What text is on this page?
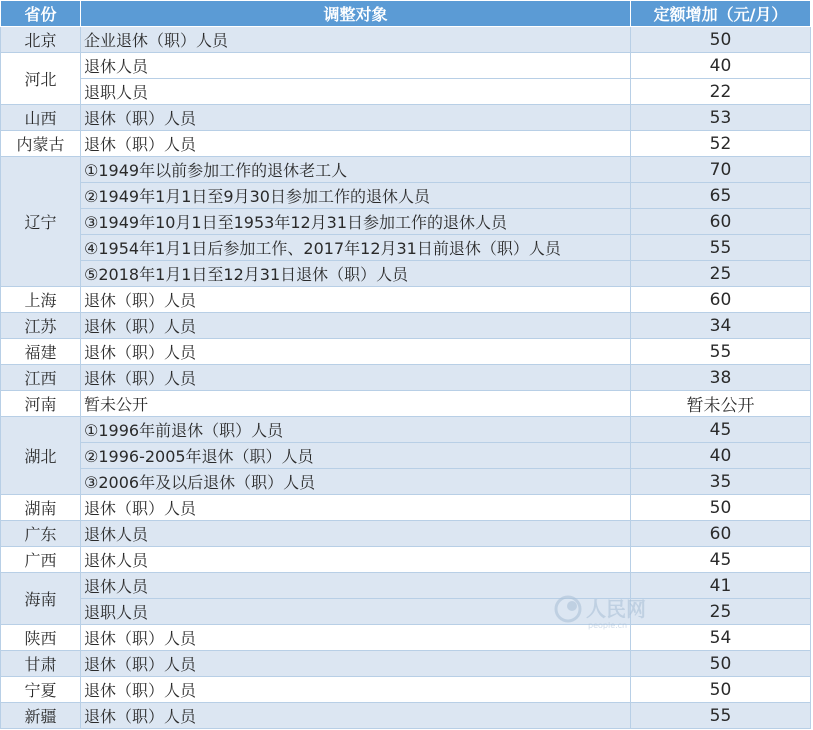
省份	调整对象	定额增加（元/月）
北京	企业退休（职）人员	50
河北	退休人员	40
	退职人员	22
山西	退休（职）人员	53
内蒙古	退休（职）人员	52
辽宁	①1949年以前参加工作的退休老工人	70
	②1949年1月1日至9月30日参加工作的退休人员	65
	③1949年10月1日至1953年12月31日参加工作的退休人员	60
	④1954年1月1日后参加工作、2017年12月31日前退休（职）人员	55
	⑤2018年1月1日至12月31日退休（职）人员	25
上海	退休（职）人员	60
江苏	退休（职）人员	34
福建	退休（职）人员	55
江西	退休（职）人员	38
河南	暂未公开	暂未公开
湖北	①1996年前退休（职）人员	45
	②1996-2005年退休（职）人员	40
	③2006年及以后退休（职）人员	35
湖南	退休（职）人员	50
广东	退休人员	60
广西	退休人员	45
海南	退休人员	41
	退职人员	25
陕西	退休（职）人员	54
甘肃	退休（职）人员	50
宁夏	退休（职）人员	50
新疆	退休（职）人员	55
人民网
people.cn
